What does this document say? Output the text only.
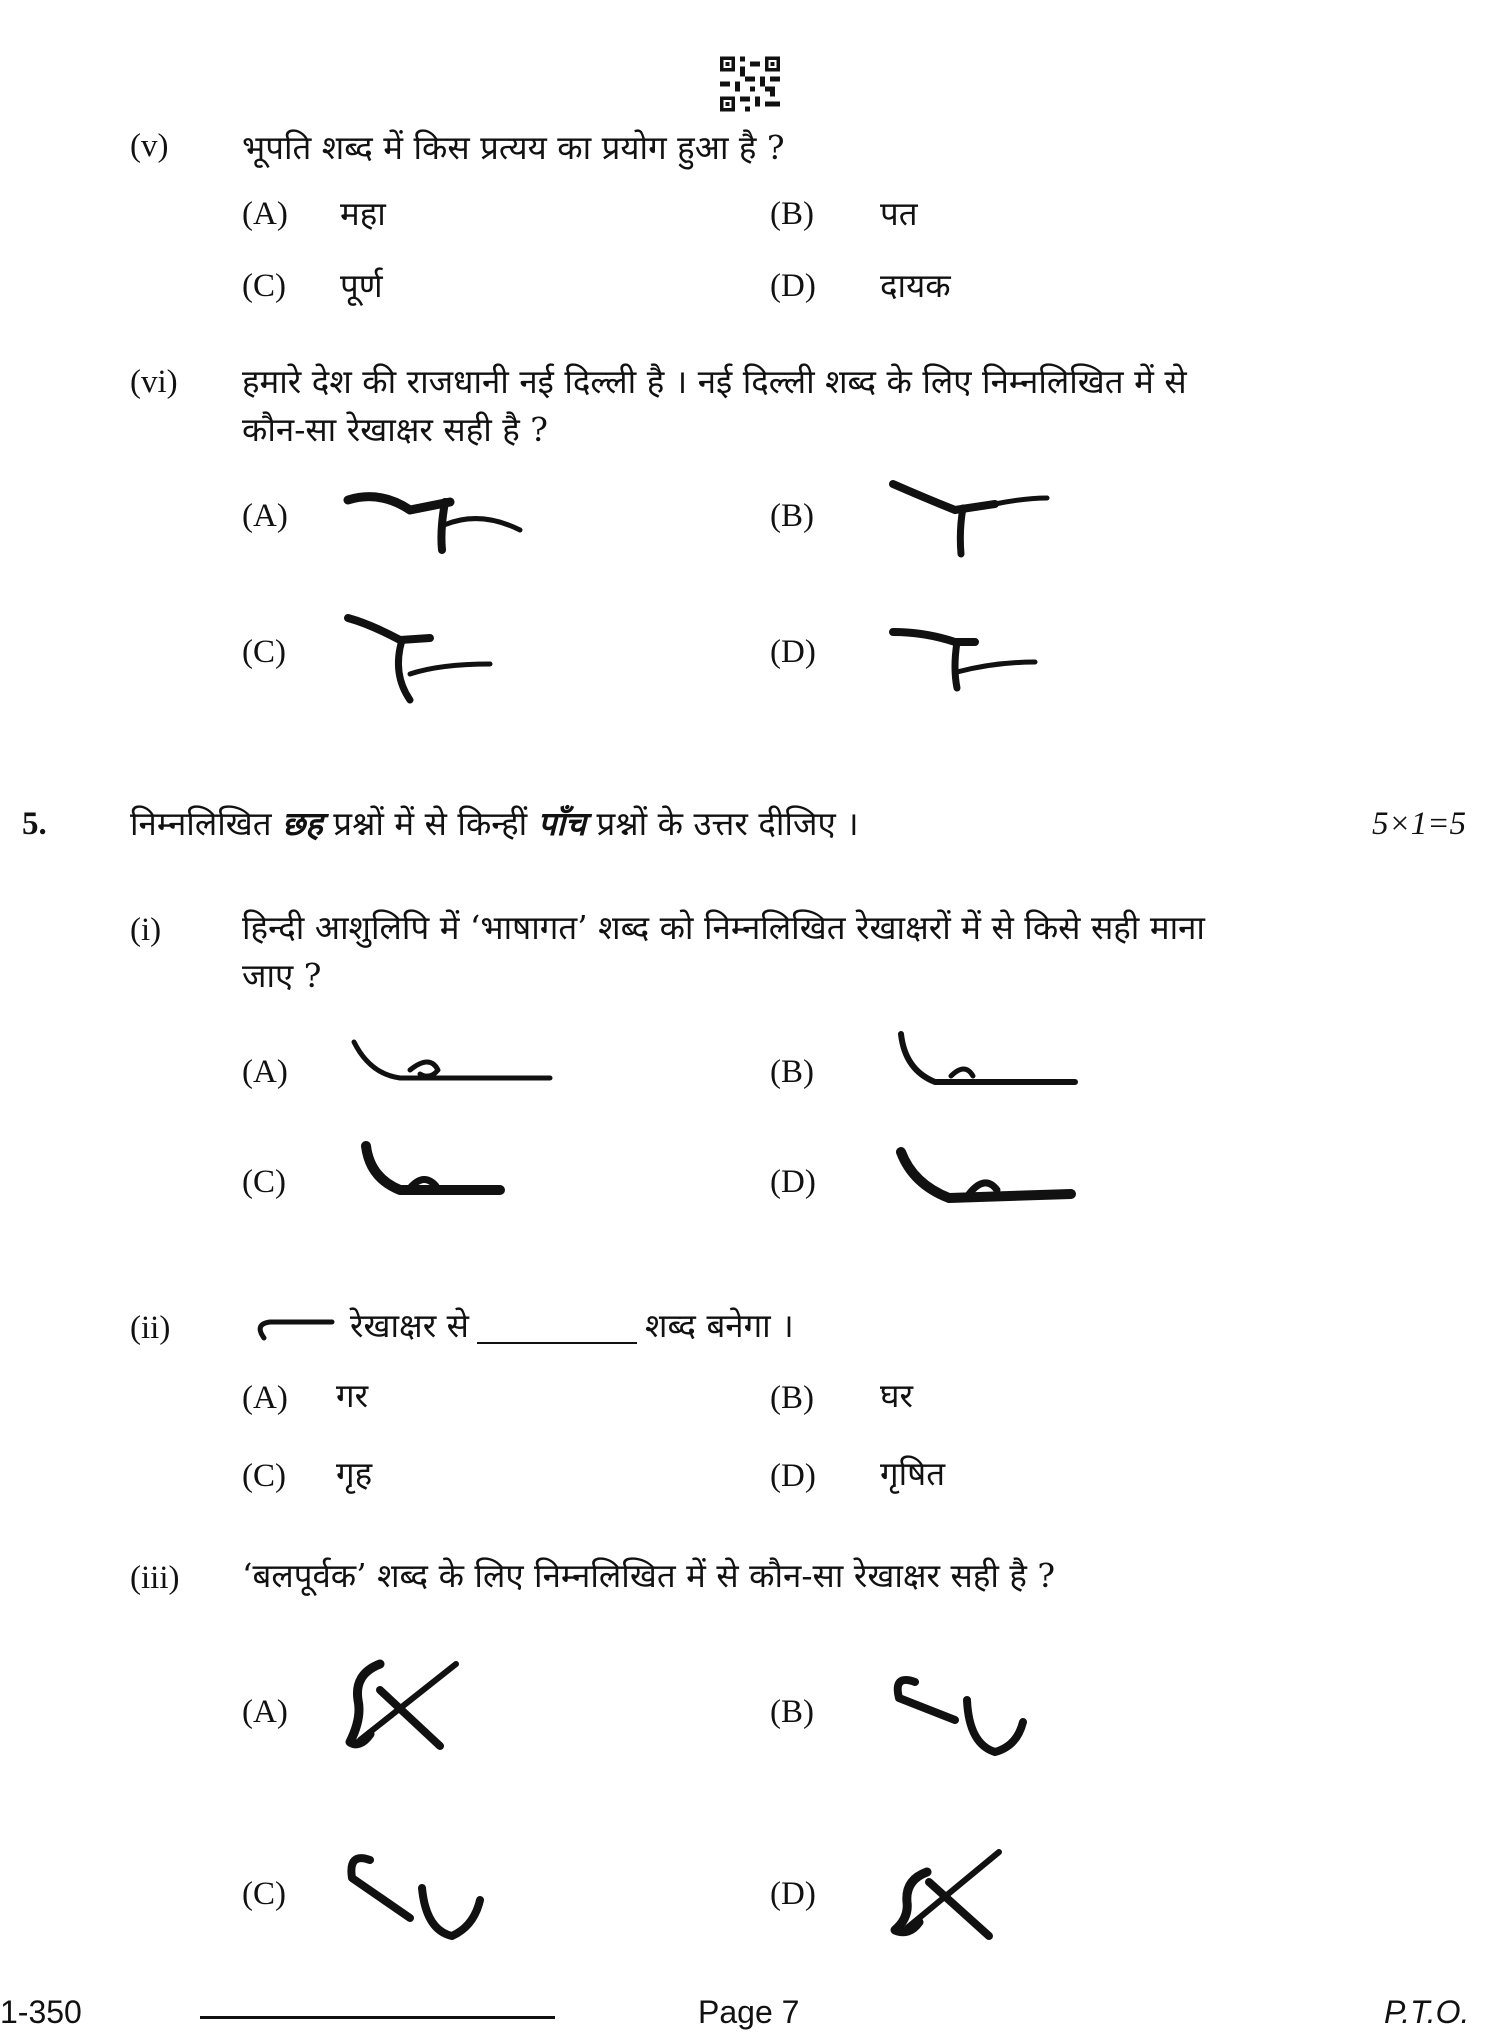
(v) भूपति शब्द में किस प्रत्यय का प्रयोग हुआ है ?
(A) महा	(B) पत
(C) पूर्ण	(D) दायक
(vi) हमारे देश की राजधानी नई दिल्ली है । नई दिल्ली शब्द के लिए निम्नलिखित में से
कौन-सा रेखाक्षर सही है ?
(A)	(B)
(C)	(D)
5.	निम्नलिखित छह प्रश्नों में से किन्हीं पाँच प्रश्नों के उत्तर दीजिए ।	5×1=5
(i) हिन्दी आशुलिपि में ‘भाषागत’ शब्द को निम्नलिखित रेखाक्षरों में से किसे सही माना
जाए ?
(A)	(B)
(C)	(D)
(ii)	रेखाक्षर से	शब्द बनेगा ।
(A) गर	(B) घर
(C) गृह	(D) गृषित
(iii) ‘बलपूर्वक’ शब्द के लिए निम्नलिखित में से कौन-सा रेखाक्षर सही है ?
(A)	(B)
(C)	(D)
1-350	Page 7	P.T.O.
